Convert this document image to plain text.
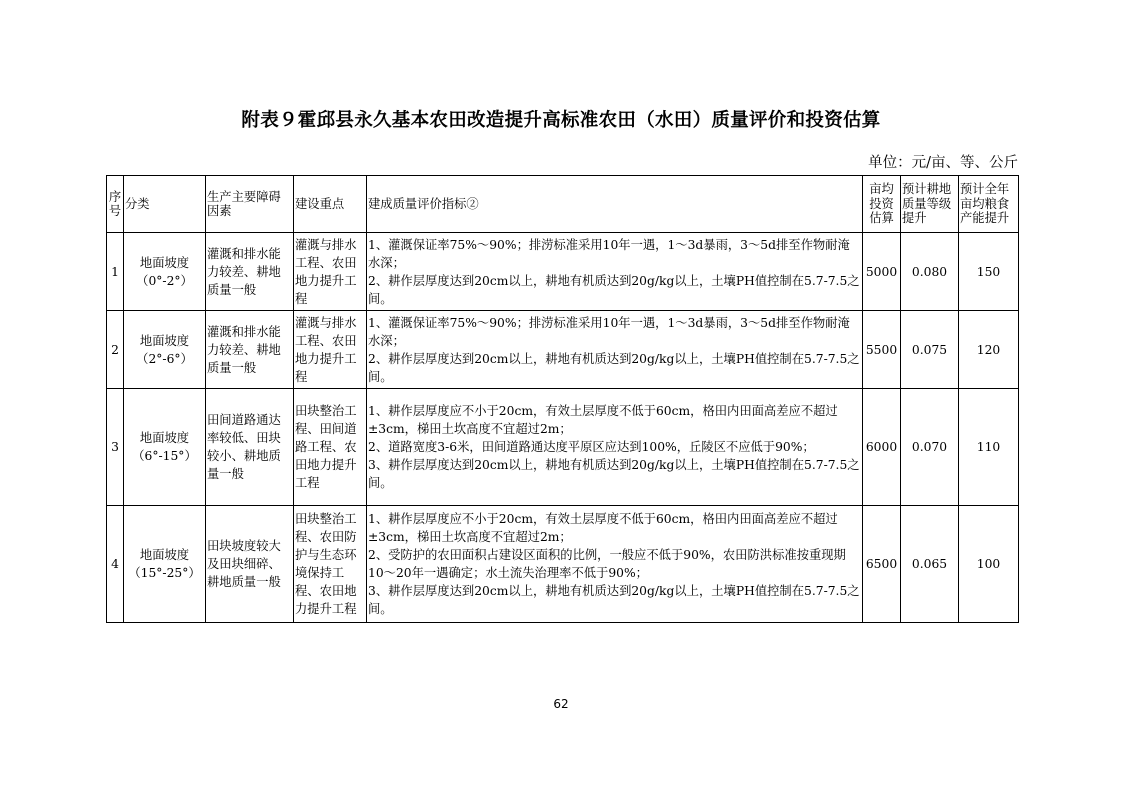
附表９霍邱县永久基本农田改造提升高标准农田（水田）质量评价和投资估算
单位：元/亩、等、公斤
序号	分类	生产主要障碍因素	建设重点	建成质量评价指标②	亩均投资估算	预计耕地质量等级提升	预计全年亩均粮食产能提升
1	地面坡度（0°-2°）	灌溉和排水能力较差、耕地质量一般	灌溉与排水工程、农田地力提升工程	1、灌溉保证率75%～90%；排涝标准采用10年一遇，1～3d暴雨，3～5d排至作物耐淹水深；
2、耕作层厚度达到20cm以上，耕地有机质达到20g/kg以上，土壤PH值控制在5.7-7.5之间。	5000	0.080	150
2	地面坡度（2°-6°）	灌溉和排水能力较差、耕地质量一般	灌溉与排水工程、农田地力提升工程	1、灌溉保证率75%～90%；排涝标准采用10年一遇，1～3d暴雨，3～5d排至作物耐淹水深；
2、耕作层厚度达到20cm以上，耕地有机质达到20g/kg以上，土壤PH值控制在5.7-7.5之间。	5500	0.075	120
3	地面坡度（6°-15°）	田间道路通达率较低、田块较小、耕地质量一般	田块整治工程、田间道路工程、农田地力提升工程	1、耕作层厚度应不小于20cm，有效土层厚度不低于60cm，格田内田面高差应不超过±3cm，梯田土坎高度不宜超过2m；
2、道路宽度3-6米，田间道路通达度平原区应达到100%，丘陵区不应低于90%；
3、耕作层厚度达到20cm以上，耕地有机质达到20g/kg以上，土壤PH值控制在5.7-7.5之间。	6000	0.070	110
4	地面坡度（15°-25°）	田块坡度较大及田块细碎、耕地质量一般	田块整治工程、农田防护与生态环境保持工程、农田地力提升工程	1、耕作层厚度应不小于20cm，有效土层厚度不低于60cm，格田内田面高差应不超过±3cm，梯田土坎高度不宜超过2m；
2、受防护的农田面积占建设区面积的比例，一般应不低于90%，农田防洪标准按重现期10～20年一遇确定；水土流失治理率不低于90%；
3、耕作层厚度达到20cm以上，耕地有机质达到20g/kg以上，土壤PH值控制在5.7-7.5之间。	6500	0.065	100
62
